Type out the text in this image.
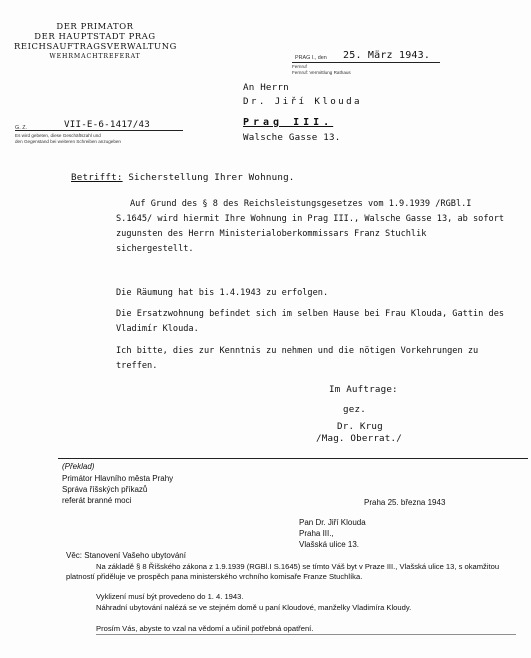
DER PRIMATOR
DER HAUPTSTADT PRAG
REICHSAUFTRAGSVERWALTUNG
WEHRMACHTREFERAT	PRAG I., den 25. März 1943.
Fernruf
Fernruf: Vermittlung Rathaus
G. Z.	VII-E-6-1417/43
Es wird gebeten, diese Geschäftszahl und
den Gegenstand bei weiteren Schreiben anzugeben
An Herrn
Dr. Jiří Klouda
Prag III.
Walsche Gasse 13.
Betrifft: Sicherstellung Ihrer Wohnung.
Auf Grund des § 8 des Reichsleistungsgesetzes vom 1.9.1939 /RGBl.I S.1645/ wird hiermit Ihre Wohnung in Prag III., Walsche Gasse 13, ab sofort zugunsten des Herrn Ministerialoberkommissars Franz Stuchlik sichergestellt.
Die Räumung hat bis 1.4.1943 zu erfolgen.
Die Ersatzwohnung befindet sich im selben Hause bei Frau Klouda, Gattin des Vladimír Klouda.
Ich bitte, dies zur Kenntnis zu nehmen und die nötigen Vorkehrungen zu treffen.
Im Auftrage:
gez.
Dr. Krug
/Mag. Oberrat./
(Překlad)
Primátor Hlavního města Prahy
Správa říšských příkazů
referát branné moci	Praha 25. března 1943
Pan Dr. Jiří Klouda
Praha III.,
Vlašská ulice 13.
Věc: Stanovení Vašeho ubytování
Na základě § 8 Říšského zákona z 1.9.1939 (RGBl.I S.1645) se tímto Váš byt v Praze III., Vlašská ulice 13, s okamžitou platností přiděluje ve prospěch pana ministerského vrchního komisaře Franze Stuchlíka.
Vyklizení musí být provedeno do 1. 4. 1943.
Náhradní ubytování nalézá se ve stejném domě u paní Kloudové, manželky Vladimíra Kloudy.
Prosím Vás, abyste to vzal na vědomí a učinil potřebná opatření.
